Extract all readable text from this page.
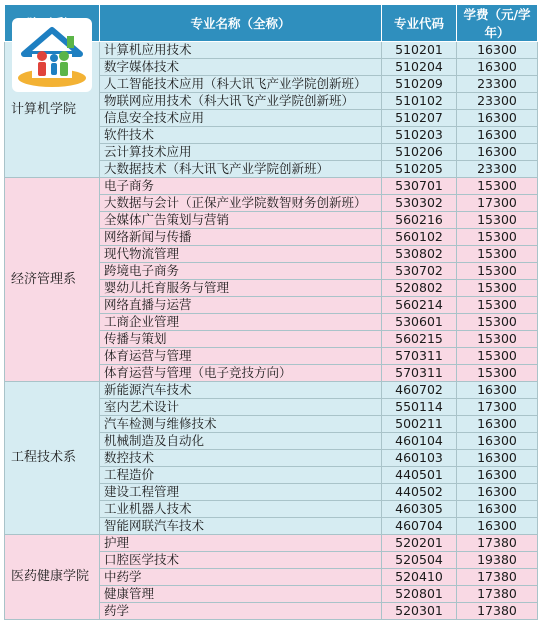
	专业名称（全称）	专业代码	学费（元/学年）
计算机学院	计算机应用技术	510201	16300
	数字媒体技术	510204	16300
	人工智能技术应用（科大讯飞产业学院创新班）	510209	23300
	物联网应用技术（科大讯飞产业学院创新班）	510102	23300
	信息安全技术应用	510207	16300
	软件技术	510203	16300
	云计算技术应用	510206	16300
	大数据技术（科大讯飞产业学院创新班）	510205	23300
经济管理系	电子商务	530701	15300
	大数据与会计（正保产业学院数智财务创新班）	530302	17300
	全媒体广告策划与营销	560216	15300
	网络新闻与传播	560102	15300
	现代物流管理	530802	15300
	跨境电子商务	530702	15300
	婴幼儿托育服务与管理	520802	15300
	网络直播与运营	560214	15300
	工商企业管理	530601	15300
	传播与策划	560215	15300
	体育运营与管理	570311	15300
	体育运营与管理（电子竞技方向）	570311	15300
工程技术系	新能源汽车技术	460702	16300
	室内艺术设计	550114	17300
	汽车检测与维修技术	500211	16300
	机械制造及自动化	460104	16300
	数控技术	460103	16300
	工程造价	440501	16300
	建设工程管理	440502	16300
	工业机器人技术	460305	16300
	智能网联汽车技术	460704	16300
医药健康学院	护理	520201	17380
	口腔医学技术	520504	19380
	中药学	520410	17380
	健康管理	520801	17380
	药学	520301	17380
